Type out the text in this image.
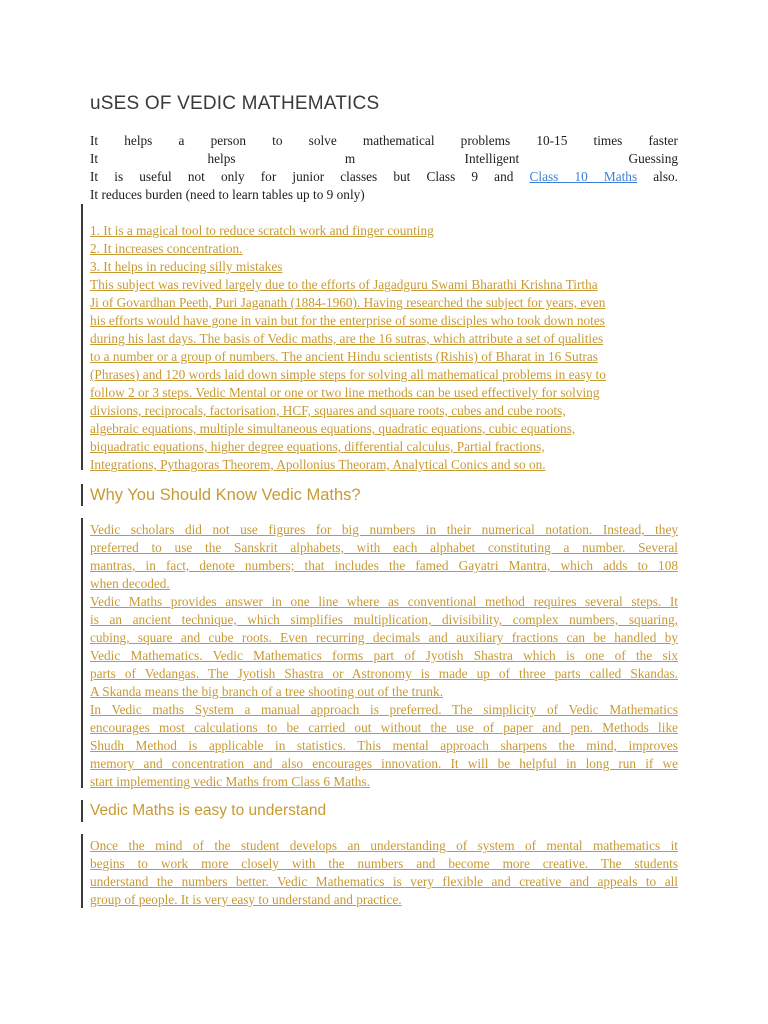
uSES OF VEDIC MATHEMATICS
It helps a person to solve mathematical problems 10-15 times faster
It	helps	m	Intelligent	Guessing
It is useful not only for junior classes but Class 9 and Class 10 Maths also.
It reduces burden (need to learn tables up to 9 only)
1. It is a magical tool to reduce scratch work and finger counting
2. It increases concentration.
3. It helps in reducing silly mistakes
This subject was revived largely due to the efforts of Jagadguru Swami Bharathi Krishna Tirtha
Ji of Govardhan Peeth, Puri Jaganath (1884-1960). Having researched the subject for years, even
his efforts would have gone in vain but for the enterprise of some disciples who took down notes
during his last days. The basis of Vedic maths, are the 16 sutras, which attribute a set of qualities
to a number or a group of numbers. The ancient Hindu scientists (Rishis) of Bharat in 16 Sutras
(Phrases) and 120 words laid down simple steps for solving all mathematical problems in easy to
follow 2 or 3 steps. Vedic Mental or one or two line methods can be used effectively for solving
divisions, reciprocals, factorisation, HCF, squares and square roots, cubes and cube roots,
algebraic equations, multiple simultaneous equations, quadratic equations, cubic equations,
biquadratic equations, higher degree equations, differential calculus, Partial fractions,
Integrations, Pythagoras Theorem, Apollonius Theoram, Analytical Conics and so on.
Why You Should Know Vedic Maths?
Vedic scholars did not use figures for big numbers in their numerical notation. Instead, they
preferred to use the Sanskrit alphabets, with each alphabet constituting a number. Several
mantras, in fact, denote numbers; that includes the famed Gayatri Mantra, which adds to 108
when decoded.
Vedic Maths provides answer in one line where as conventional method requires several steps. It
is an ancient technique, which simplifies multiplication, divisibility, complex numbers, squaring,
cubing, square and cube roots. Even recurring decimals and auxiliary fractions can be handled by
Vedic Mathematics. Vedic Mathematics forms part of Jyotish Shastra which is one of the six
parts of Vedangas. The Jyotish Shastra or Astronomy is made up of three parts called Skandas.
A Skanda means the big branch of a tree shooting out of the trunk.
In Vedic maths System a manual approach is preferred. The simplicity of Vedic Mathematics
encourages most calculations to be carried out without the use of paper and pen. Methods like
Shudh Method is applicable in statistics. This mental approach sharpens the mind, improves
memory and concentration and also encourages innovation. It will be helpful in long run if we
start implementing vedic Maths from Class 6 Maths.
Vedic Maths is easy to understand
Once the mind of the student develops an understanding of system of mental mathematics it
begins to work more closely with the numbers and become more creative. The students
understand the numbers better. Vedic Mathematics is very flexible and creative and appeals to all
group of people. It is very easy to understand and practice.
